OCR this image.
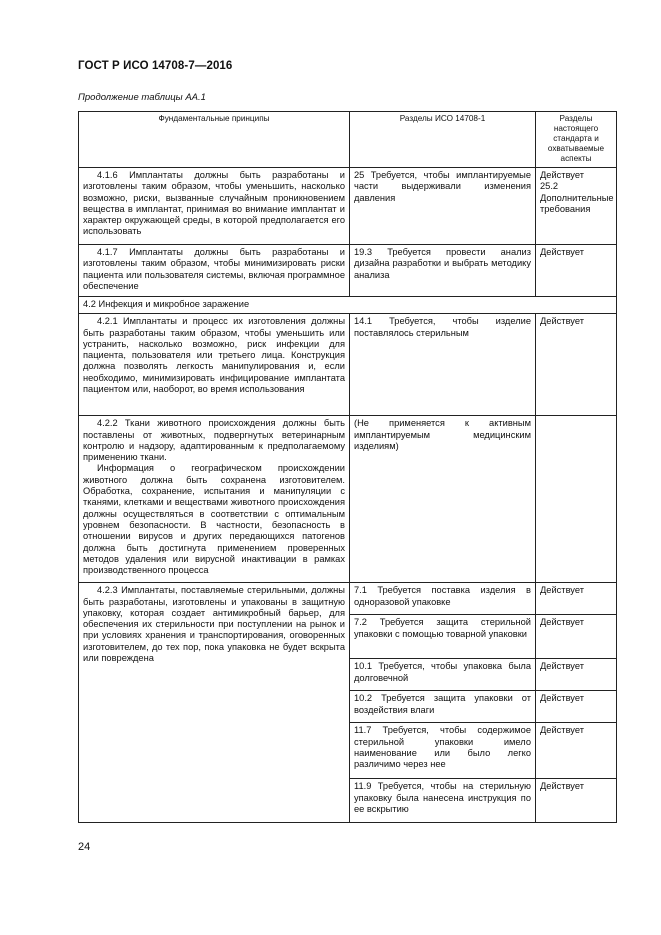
ГОСТ Р ИСО 14708-7—2016
Продолжение таблицы АА.1
Фундаментальные принципы	Разделы ИСО 14708-1	Разделы настоящего стандарта и охватываемые аспекты

4.1.6 Имплантаты должны быть разработаны и изготовлены таким образом, чтобы уменьшить, насколько возможно, риски, вызванные случайным проникновением вещества в имплантат, принимая во внимание имплантат и характер окружающей среды, в которой предполагается его использовать	25 Требуется, чтобы имплантируемые части выдерживали изменения давления	Действует
25.2 Дополнительные требования

4.1.7 Имплантаты должны быть разработаны и изготовлены таким образом, чтобы минимизировать риски пациента или пользователя системы, включая программное обеспечение	19.3 Требуется провести анализ дизайна разработки и выбрать методику анализа	Действует
4.2 Инфекция и микробное заражение		

4.2.1 Имплантаты и процесс их изготовления должны быть разработаны таким образом, чтобы уменьшить или устранить, насколько возможно, риск инфекции для пациента, пользователя или третьего лица. Конструкция должна позволять легкость манипулирования и, если необходимо, минимизировать инфицирование имплантата пациентом или, наоборот, во время использования	14.1 Требуется, чтобы изделие поставлялось стерильным	Действует

4.2.2 Ткани животного происхождения должны быть поставлены от животных, подвергнутых ветеринарным контролю и надзору, адаптированным к предполагаемому применению ткани.

Информация о географическом происхождении животного должна быть сохранена изготовителем. Обработка, сохранение, испытания и манипуляции с тканями, клетками и веществами животного происхождения должны осуществляться в соответствии с оптимальным уровнем безопасности. В частности, безопасность в отношении вирусов и других передающихся патогенов должна быть достигнута применением проверенных методов удаления или вирусной инактивации в рамках производственного процесса	(Не применяется к активным имплантируемым медицинским изделиям)	

4.2.3 Имплантаты, поставляемые стерильными, должны быть разработаны, изготовлены и упакованы в защитную упаковку, которая создает антимикробный барьер, для обеспечения их стерильности при поступлении на рынок и при условиях хранения и транспортирования, оговоренных изготовителем, до тех пор, пока упаковка не будет вскрыта или повреждена	7.1 Требуется поставка изделия в одноразовой упаковке	Действует
	7.2 Требуется защита стерильной упаковки с помощью товарной упаковки	Действует
	10.1 Требуется, чтобы упаковка была долговечной	Действует
	10.2 Требуется защита упаковки от воздействия влаги	Действует
	11.7 Требуется, чтобы содержимое стерильной упаковки имело наименование или было легко различимо через нее	Действует
	11.9 Требуется, чтобы на стерильную упаковку была нанесена инструкция по ее вскрытию	Действует
24
